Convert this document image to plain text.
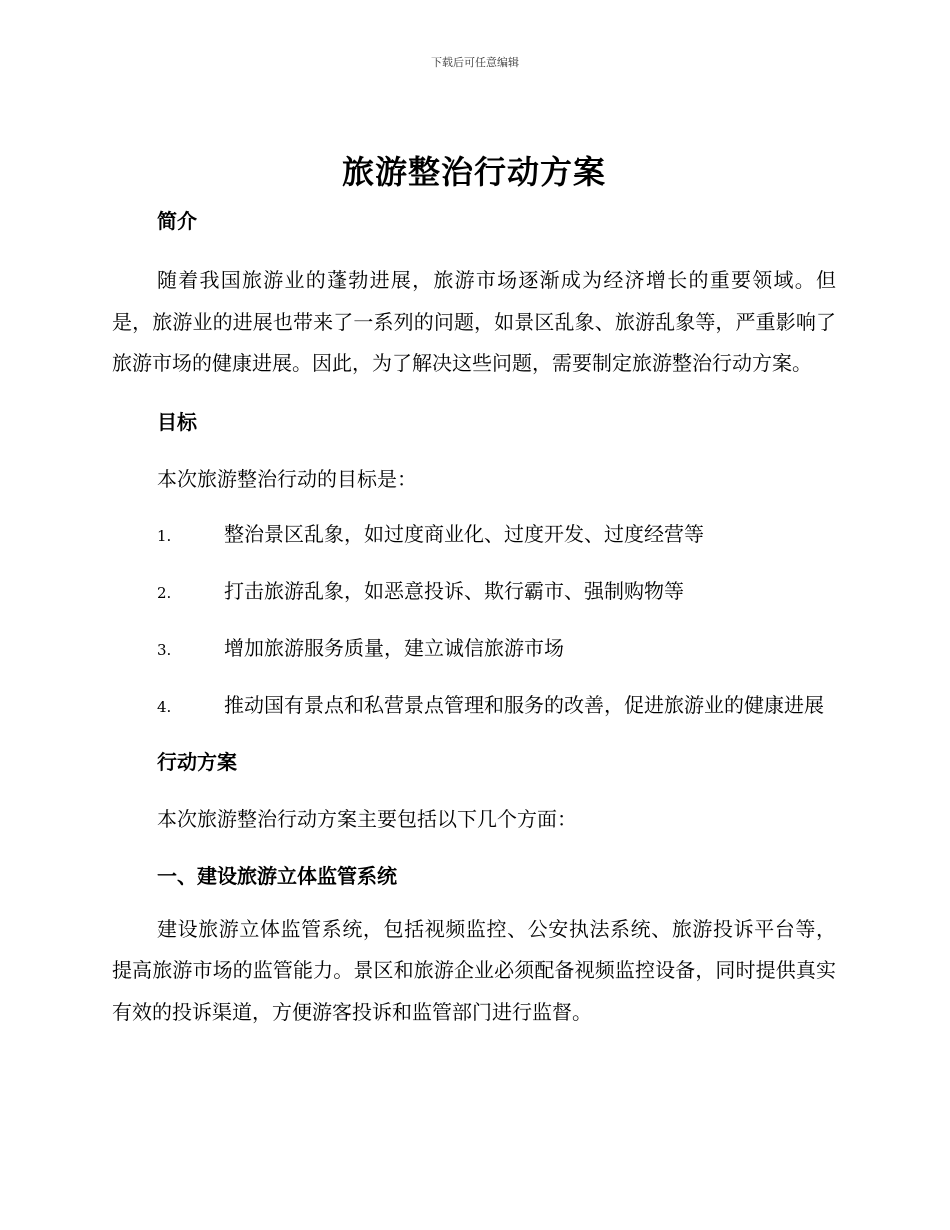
下载后可任意编辑
旅游整治行动方案
简介

随着我国旅游业的蓬勃进展，旅游市场逐渐成为经济增长的重要领域。但是，旅游业的进展也带来了一系列的问题，如景区乱象、旅游乱象等，严重影响了旅游市场的健康进展。因此，为了解决这些问题，需要制定旅游整治行动方案。

目标

本次旅游整治行动的目标是：

1.	整治景区乱象，如过度商业化、过度开发、过度经营等

2.	打击旅游乱象，如恶意投诉、欺行霸市、强制购物等

3.	增加旅游服务质量，建立诚信旅游市场

4.	推动国有景点和私营景点管理和服务的改善，促进旅游业的健康进展

行动方案

本次旅游整治行动方案主要包括以下几个方面：

一、建设旅游立体监管系统

建设旅游立体监管系统，包括视频监控、公安执法系统、旅游投诉平台等，提高旅游市场的监管能力。景区和旅游企业必须配备视频监控设备，同时提供真实有效的投诉渠道，方便游客投诉和监管部门进行监督。
